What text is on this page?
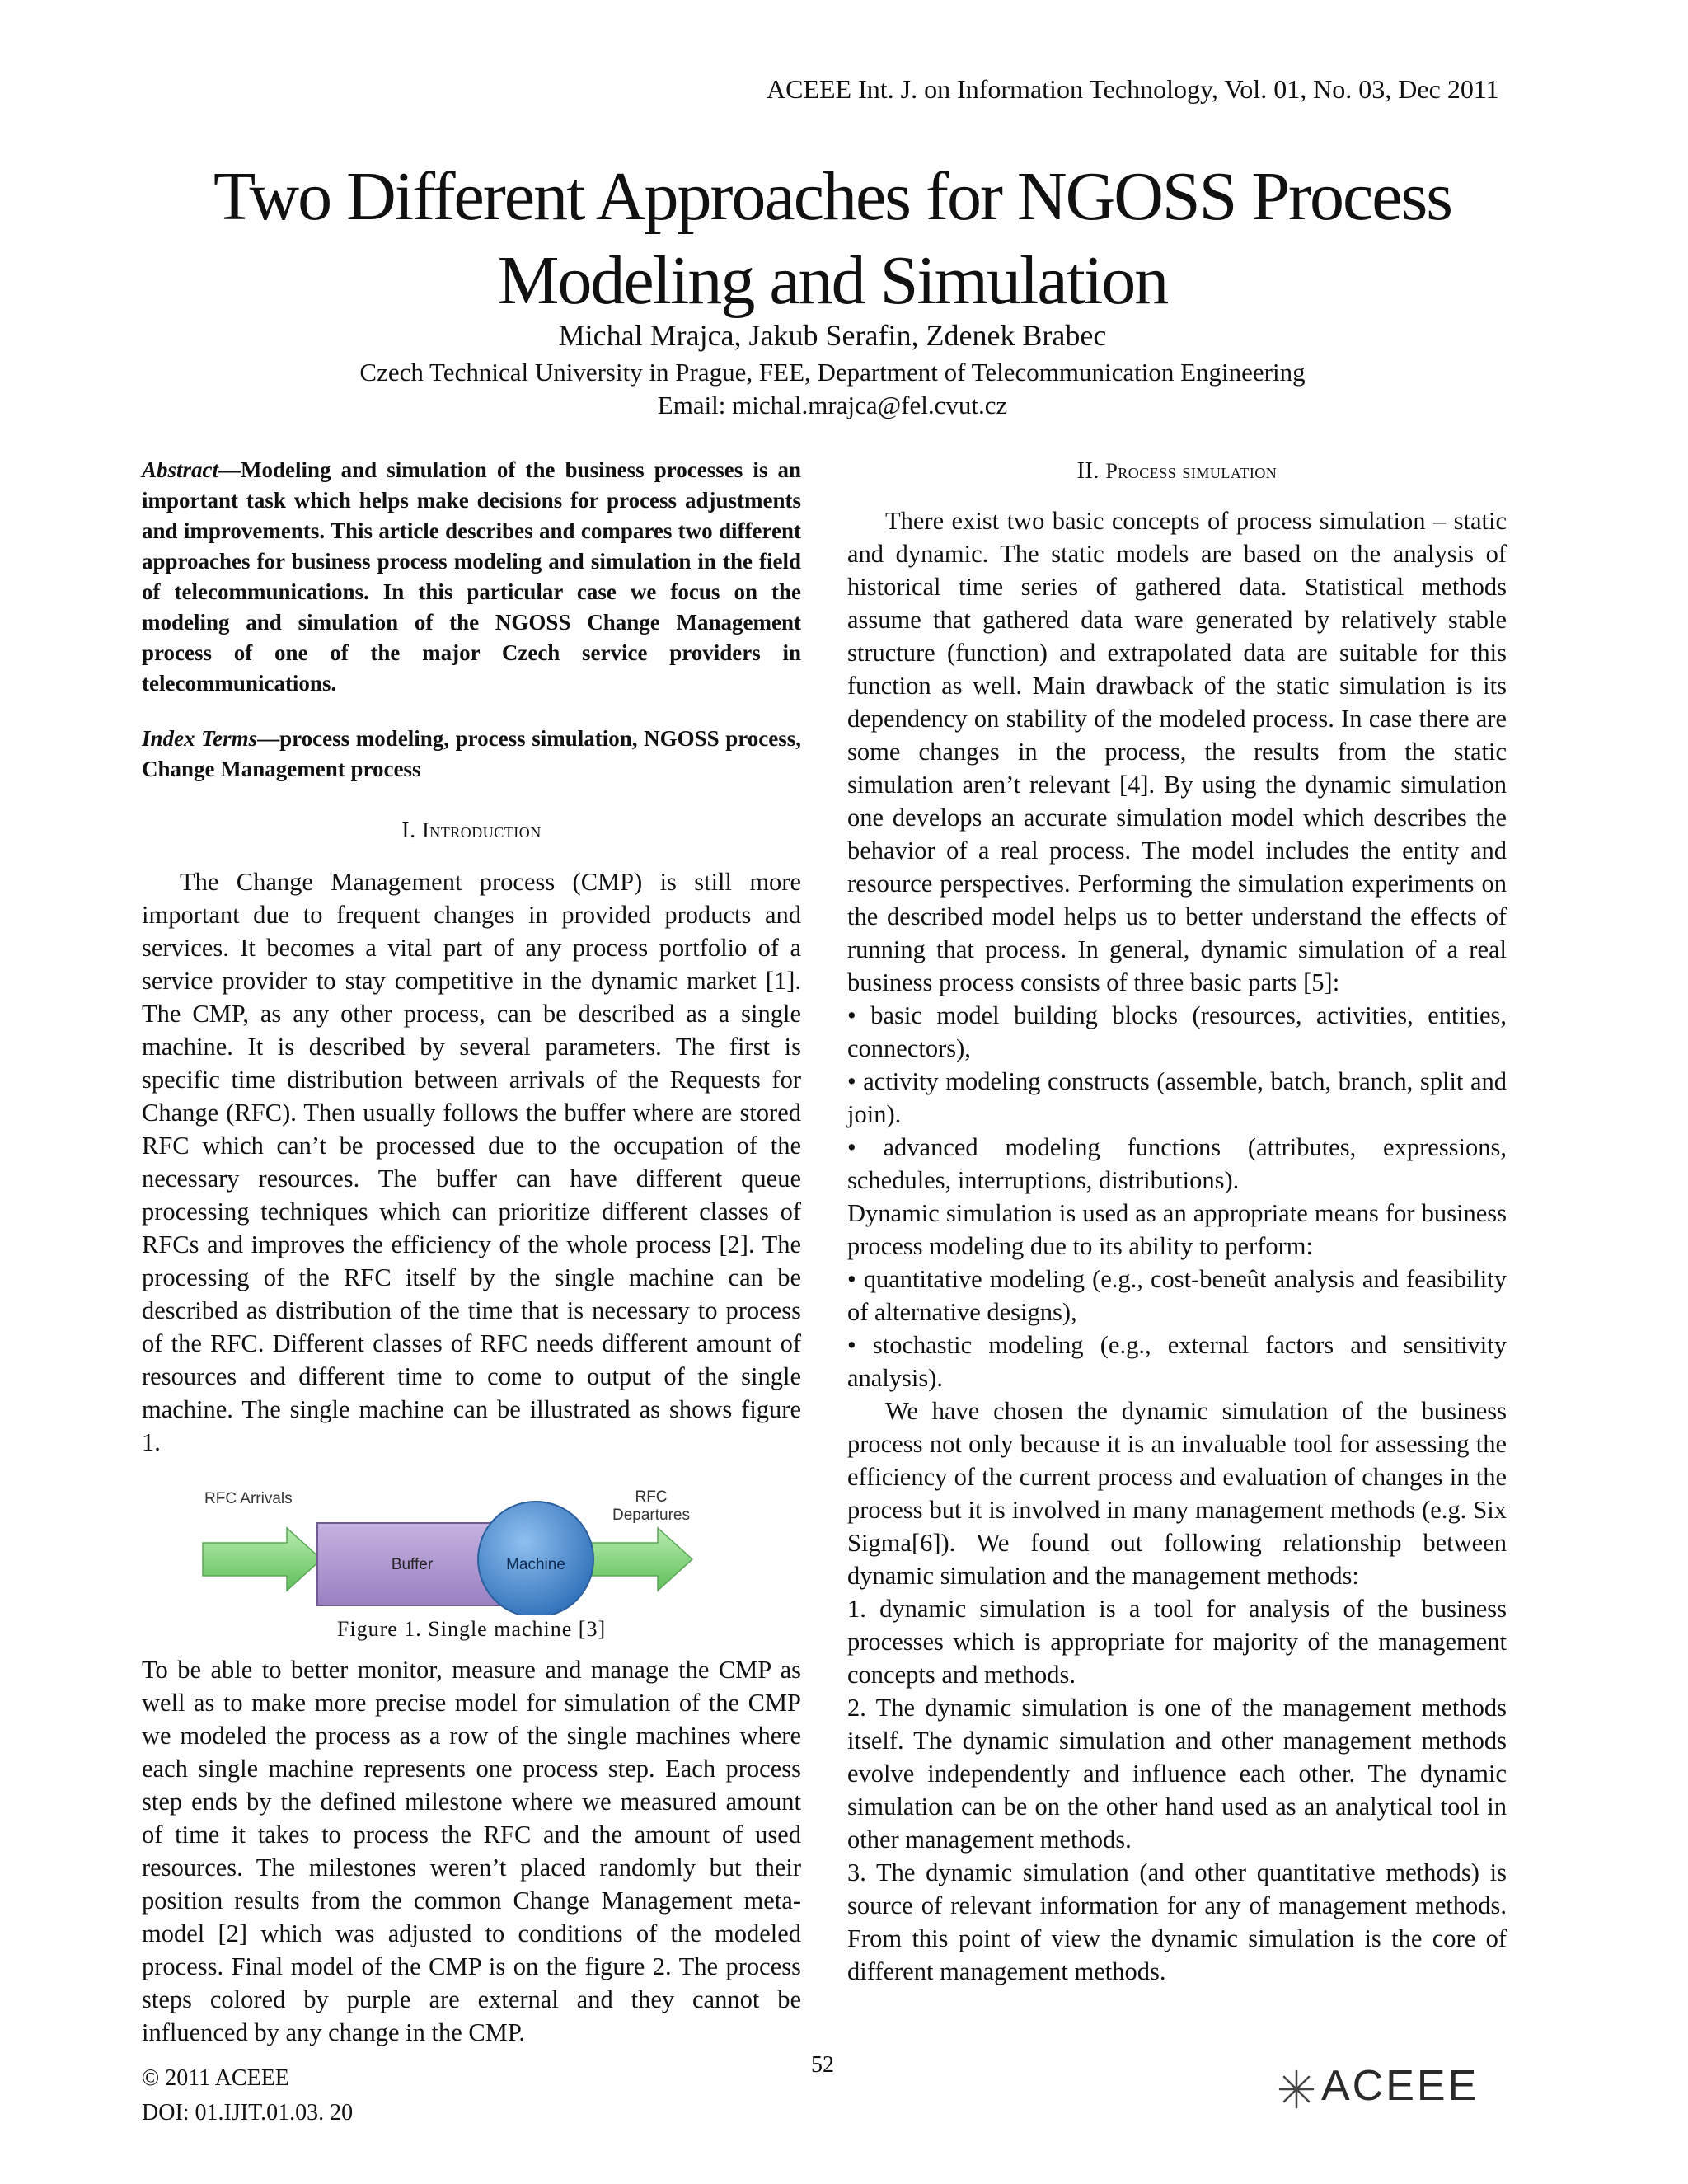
ACEEE Int. J. on Information Technology, Vol. 01, No. 03, Dec 2011
Two Different Approaches for NGOSS Process
Modeling and Simulation
Michal Mrajca, Jakub Serafin, Zdenek Brabec
Czech Technical University in Prague, FEE, Department of Telecommunication Engineering
Email: michal.mrajca@fel.cvut.cz
Abstract—Modeling and simulation of the business processes is an important task which helps make decisions for process adjustments and improvements. This article describes and compares two different approaches for business process modeling and simulation in the field of telecommunications. In this particular case we focus on the modeling and simulation of the NGOSS Change Management process of one of the major Czech service providers in telecommunications.
Index Terms—process modeling, process simulation, NGOSS process, Change Management process
I. Introduction

The Change Management process (CMP) is still more important due to frequent changes in provided products and services. It becomes a vital part of any process portfolio of a service provider to stay competitive in the dynamic market [1]. The CMP, as any other process, can be described as a single machine. It is described by several parameters. The first is specific time distribution between arrivals of the Requests for Change (RFC). Then usually follows the buffer where are stored RFC which can’t be processed due to the occupation of the necessary resources. The buffer can have different queue processing techniques which can prioritize different classes of RFCs and improves the efficiency of the whole process [2]. The processing of the RFC itself by the single machine can be described as distribution of the time that is necessary to process of the RFC. Different classes of RFC needs different amount of resources and different time to come to output of the single machine. The single machine can be illustrated as shows figure 1.

RFC Arrivals
Buffer	Machine
RFC
Departures
Figure 1. Single machine [3]

To be able to better monitor, measure and manage the CMP as well as to make more precise model for simulation of the CMP we modeled the process as a row of the single machines where each single machine represents one process step. Each process step ends by the defined milestone where we measured amount of time it takes to process the RFC and the amount of used resources. The milestones weren’t placed randomly but their position results from the common Change Management meta-model [2] which was adjusted to conditions of the modeled process. Final model of the CMP is on the figure 2. The process steps colored by purple are external and they cannot be influenced by any change in the CMP.

II. Process simulation

There exist two basic concepts of process simulation – static and dynamic. The static models are based on the analysis of historical time series of gathered data. Statistical methods assume that gathered data ware generated by relatively stable structure (function) and extrapolated data are suitable for this function as well. Main drawback of the static simulation is its dependency on stability of the modeled process. In case there are some changes in the process, the results from the static simulation aren’t relevant [4]. By using the dynamic simulation one develops an accurate simulation model which describes the behavior of a real process. The model includes the entity and resource perspectives. Performing the simulation experiments on the described model helps us to better understand the effects of running that process. In general, dynamic simulation of a real business process consists of three basic parts [5]:

• basic model building blocks (resources, activities, entities, connectors),

• activity modeling constructs (assemble, batch, branch, split and join).

• advanced modeling functions (attributes, expressions, schedules, interruptions, distributions).

Dynamic simulation is used as an appropriate means for business process modeling due to its ability to perform:

• quantitative modeling (e.g., cost-beneût analysis and feasibility of alternative designs),

• stochastic modeling (e.g., external factors and sensitivity analysis).

We have chosen the dynamic simulation of the business process not only because it is an invaluable tool for assessing the efficiency of the current process and evaluation of changes in the process but it is involved in many management methods (e.g. Six Sigma[6]). We found out following relationship between dynamic simulation and the management methods:

1. dynamic simulation is a tool for analysis of the business processes which is appropriate for majority of the management concepts and methods.

2. The dynamic simulation is one of the management methods itself. The dynamic simulation and other management methods evolve independently and influence each other. The dynamic simulation can be on the other hand used as an analytical tool in other management methods.

3. The dynamic simulation (and other quantitative methods) is source of relevant information for any of management methods. From this point of view the dynamic simulation is the core of different management methods.

© 2011 ACEEE
DOI: 01.IJIT.01.03. 20
52	ACEEE
